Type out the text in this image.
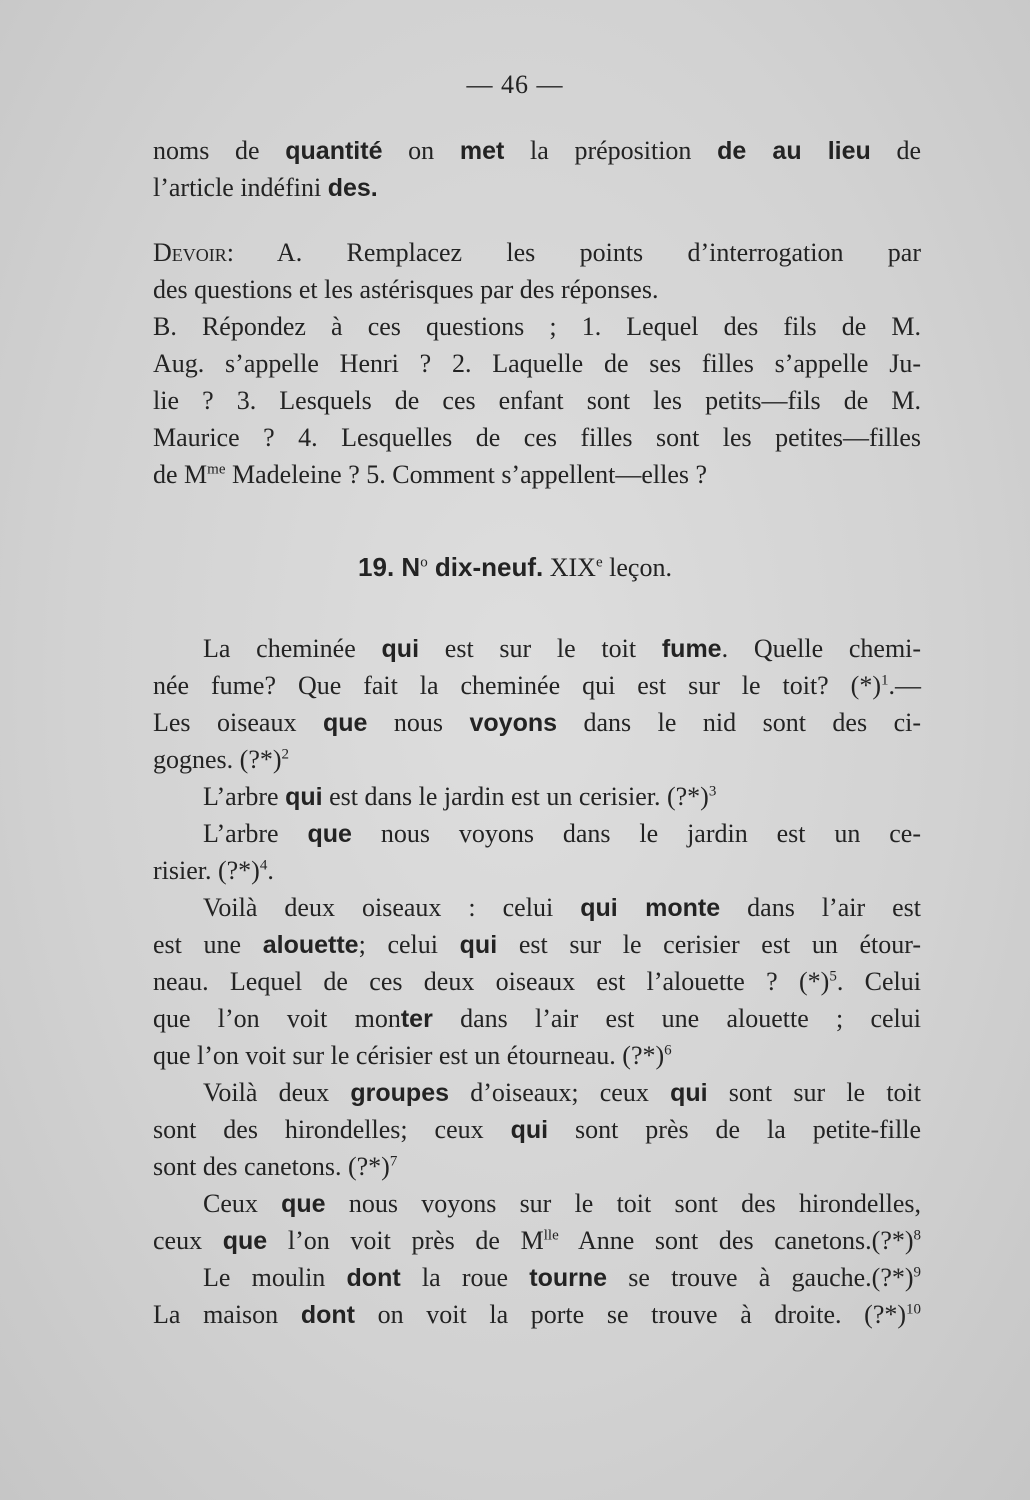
— 46 —
noms de quantité on met la préposition de au lieu de
l’article indéfini des.
Devoir: A. Remplacez les points d’interrogation par
des questions et les astérisques par des réponses.
B. Répondez à ces questions ; 1. Lequel des fils de M.
Aug. s’appelle Henri ? 2. Laquelle de ses filles s’appelle Ju-
lie ? 3. Lesquels de ces enfant sont les petits—fils de M.
Maurice ? 4. Lesquelles de ces filles sont les petites—filles
de $M^{me}$ Madeleine ? 5. Comment s’appellent—elles ?
19. $N^o$ dix-neuf. XIXe leçon.
La cheminée qui est sur le toit fume. Quelle chemi-
née fume? Que fait la cheminée qui est sur le toit? $(*)^1.—$
Les oiseaux que nous voyons dans le nid sont des ci-
gognes. (?*)$^2$
L’arbre qui est dans le jardin est un cerisier. (?*)$^3$
L’arbre que nous voyons dans le jardin est un ce-
risier. (?*)$^4$.
Voilà deux oiseaux : celui qui monte dans l’air est
est une alouette; celui qui est sur le cerisier est un étour-
neau. Lequel de ces deux oiseaux est l’alouette ? $(*)^5$. Celui
que l’on voit monter dans l’air est une alouette ; celui
que l’on voit sur le cérisier est un étourneau. (?*)$^6$
Voilà deux groupes d’oiseaux; ceux qui sont sur le toit
sont des hirondelles; ceux qui sont près de la petite-fille
sont des canetons. (?*)$^7$
Ceux que nous voyons sur le toit sont des hirondelles,
ceux que l’on voit près de $M^{lle}$ Anne sont des canetons.(?*)$^8$
Le moulin dont la roue tourne se trouve à gauche.(?*)$^9$
La maison dont on voit la porte se trouve à droite. (?*)$^{10}$
